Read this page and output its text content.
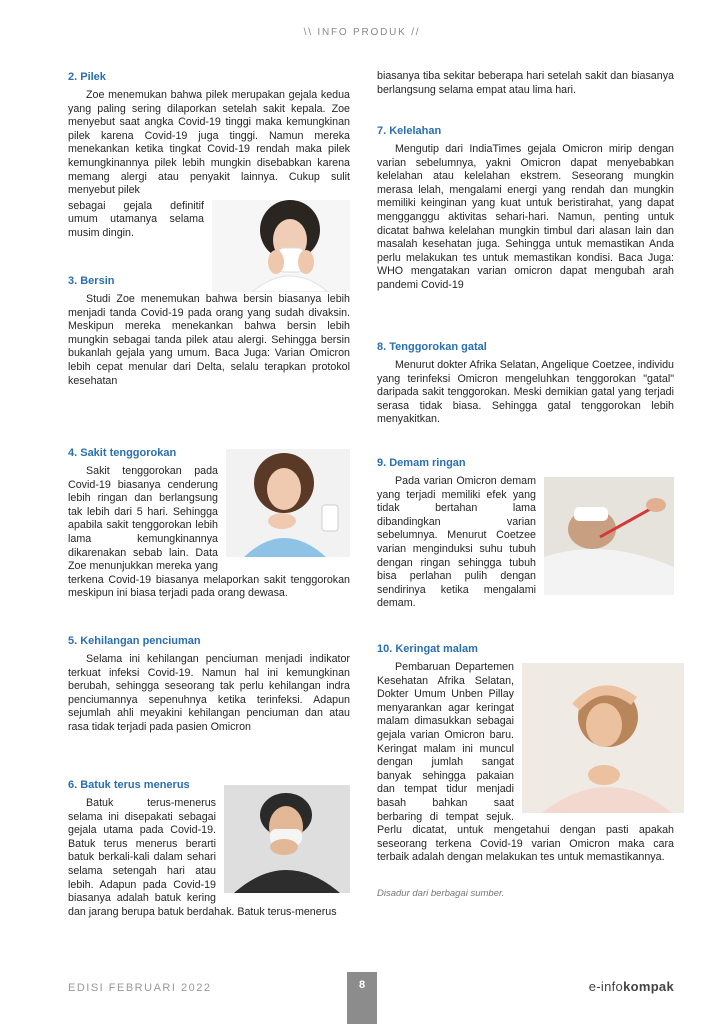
\\ INFO PRODUK //
2. Pilek

Zoe menemukan bahwa pilek merupakan gejala kedua yang paling sering dilaporkan setelah sakit kepala. Zoe menyebut saat angka Covid-19 tinggi maka kemungkinan pilek karena Covid-19 juga tinggi. Namun mereka menekankan ketika tingkat Covid-19 rendah maka pilek kemungkinannya pilek lebih mungkin disebabkan karena memang alergi atau penyakit lainnya. Cukup sulit menyebut pilek

sebagai gejala definitif umum utamanya selama musim dingin.

3. Bersin

Studi Zoe menemukan bahwa bersin biasanya lebih menjadi tanda Covid-19 pada orang yang sudah divaksin. Meskipun mereka menekankan bahwa bersin lebih mungkin sebagai tanda pilek atau alergi. Sehingga bersin bukanlah gejala yang umum. Baca Juga: Varian Omicron lebih cepat menular dari Delta, selalu terapkan protokol kesehatan

4. Sakit tenggorokan

Sakit tenggorokan pada Covid-19 biasanya cenderung lebih ringan dan berlangsung tak lebih dari 5 hari. Sehingga apabila sakit tenggorokan lebih lama kemungkinannya dikarenakan sebab lain. Data Zoe menunjukkan mereka yang terkena Covid-19 biasanya melaporkan sakit tenggorokan meskipun ini biasa terjadi pada orang dewasa.

5. Kehilangan penciuman

Selama ini kehilangan penciuman menjadi indikator terkuat infeksi Covid-19. Namun hal ini kemungkinan berubah, sehingga seseorang tak perlu kehilangan indra penciumannya sepenuhnya ketika terinfeksi. Adapun sejumlah ahli meyakini kehilangan penciuman dan atau rasa tidak terjadi pada pasien Omicron

6. Batuk terus menerus

Batuk terus-menerus selama ini disepakati sebagai gejala utama pada Covid-19. Batuk terus menerus berarti batuk berkali-kali dalam sehari selama setengah hari atau lebih. Adapun pada Covid-19 biasanya adalah batuk kering dan jarang berupa batuk berdahak. Batuk terus-menerus

biasanya tiba sekitar beberapa hari setelah sakit dan biasanya berlangsung selama empat atau lima hari.

7. Kelelahan

Mengutip dari IndiaTimes gejala Omicron mirip dengan varian sebelumnya, yakni Omicron dapat menyebabkan kelelahan atau kelelahan ekstrem. Seseorang mungkin merasa lelah, mengalami energi yang rendah dan mungkin memiliki keinginan yang kuat untuk beristirahat, yang dapat mengganggu aktivitas sehari-hari. Namun, penting untuk dicatat bahwa kelelahan mungkin timbul dari alasan lain dan masalah kesehatan juga. Sehingga untuk memastikan Anda perlu melakukan tes untuk memastikan kondisi. Baca Juga: WHO mengatakan varian omicron dapat mengubah arah pandemi Covid-19

8. Tenggorokan gatal

Menurut dokter Afrika Selatan, Angelique Coetzee, individu yang terinfeksi Omicron mengeluhkan tenggorokan "gatal" daripada sakit tenggorokan. Meski demikian gatal yang terjadi serasa tidak biasa. Sehingga gatal tenggorokan lebih menyakitkan.

9. Demam ringan

Pada varian Omicron demam yang terjadi memiliki efek yang tidak bertahan lama dibandingkan varian sebelumnya. Menurut Coetzee varian menginduksi suhu tubuh dengan ringan sehingga tubuh bisa perlahan pulih dengan sendirinya ketika mengalami demam.

10. Keringat malam

Pembaruan Departemen Kesehatan Afrika Selatan, Dokter Umum Unben Pillay menyarankan agar keringat malam dimasukkan sebagai gejala varian Omicron baru. Keringat malam ini muncul dengan jumlah sangat banyak sehingga pakaian dan tempat tidur menjadi basah bahkan saat berbaring di tempat sejuk. Perlu dicatat, untuk mengetahui dengan pasti apakah seseorang terkena Covid-19 varian Omicron maka cara terbaik adalah dengan melakukan tes untuk memastikannya.

Disadur dari berbagai sumber.
EDISI FEBRUARI 2022	8	e-infokompak
